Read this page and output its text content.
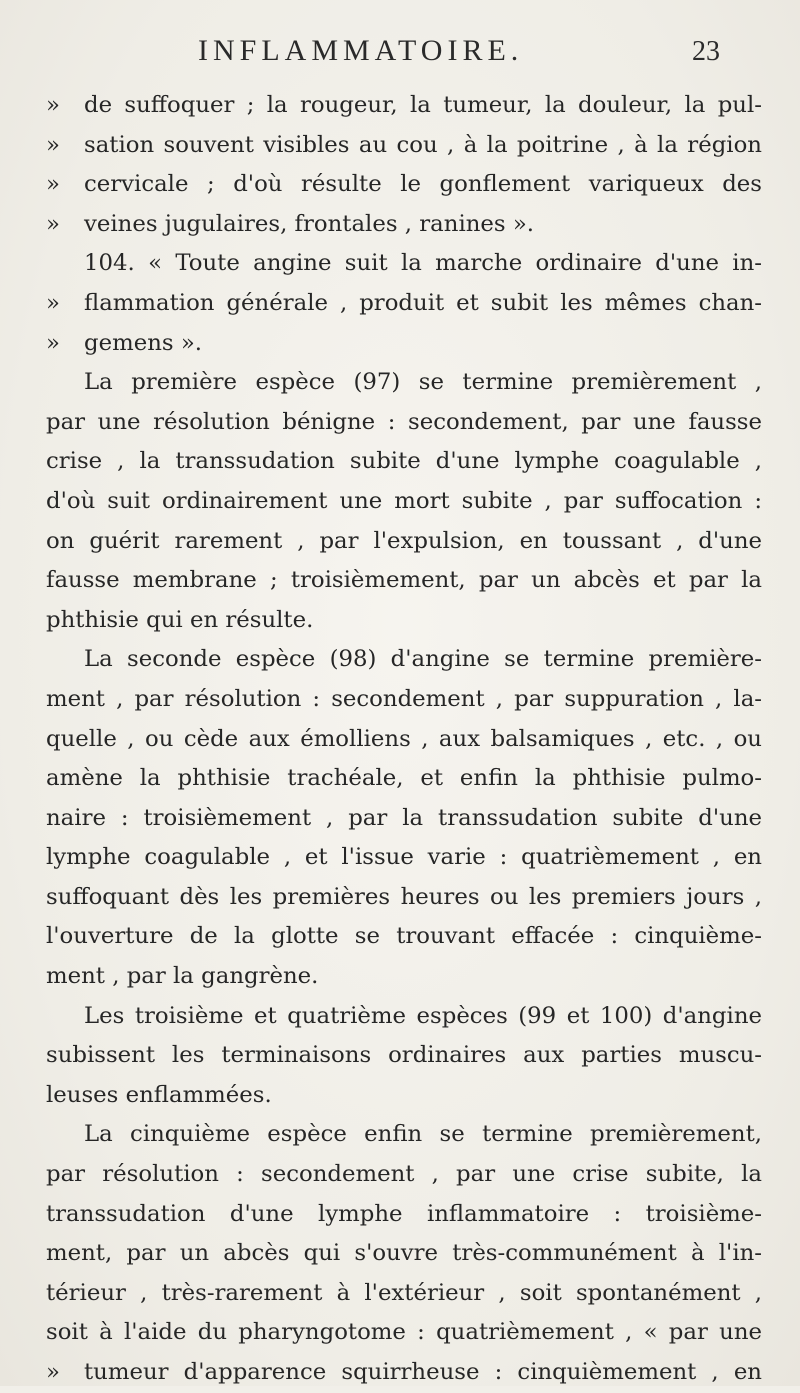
INFLAMMATOIRE.	23
» de suffoquer ; la rougeur, la tumeur, la douleur, la pul-
» sation souvent visibles au cou , à la poitrine , à la région
» cervicale ; d'où résulte le gonflement variqueux des
» veines jugulaires, frontales , ranines ».
104. « Toute angine suit la marche ordinaire d'une in-
» flammation générale , produit et subit les mêmes chan-
» gemens ».
La première espèce (97) se termine premièrement ,
par une résolution bénigne : secondement, par une fausse
crise , la transsudation subite d'une lymphe coagulable ,
d'où suit ordinairement une mort subite , par suffocation :
on guérit rarement , par l'expulsion, en toussant , d'une
fausse membrane ; troisièmement, par un abcès et par la
phthisie qui en résulte.
La seconde espèce (98) d'angine se termine première-
ment , par résolution : secondement , par suppuration , la-
quelle , ou cède aux émolliens , aux balsamiques , etc. , ou
amène la phthisie trachéale, et enfin la phthisie pulmo-
naire : troisièmement , par la transsudation subite d'une
lymphe coagulable , et l'issue varie : quatrièmement , en
suffoquant dès les premières heures ou les premiers jours ,
l'ouverture de la glotte se trouvant effacée : cinquième-
ment , par la gangrène.
Les troisième et quatrième espèces (99 et 100) d'angine
subissent les terminaisons ordinaires aux parties muscu-
leuses enflammées.
La cinquième espèce enfin se termine premièrement,
par résolution : secondement , par une crise subite, la
transsudation d'une lymphe inflammatoire : troisième-
ment, par un abcès qui s'ouvre très-communément à l'in-
térieur , très-rarement à l'extérieur , soit spontanément ,
soit à l'aide du pharyngotome : quatrièmement , « par une
» tumeur d'apparence squirrheuse : cinquièmement , en
